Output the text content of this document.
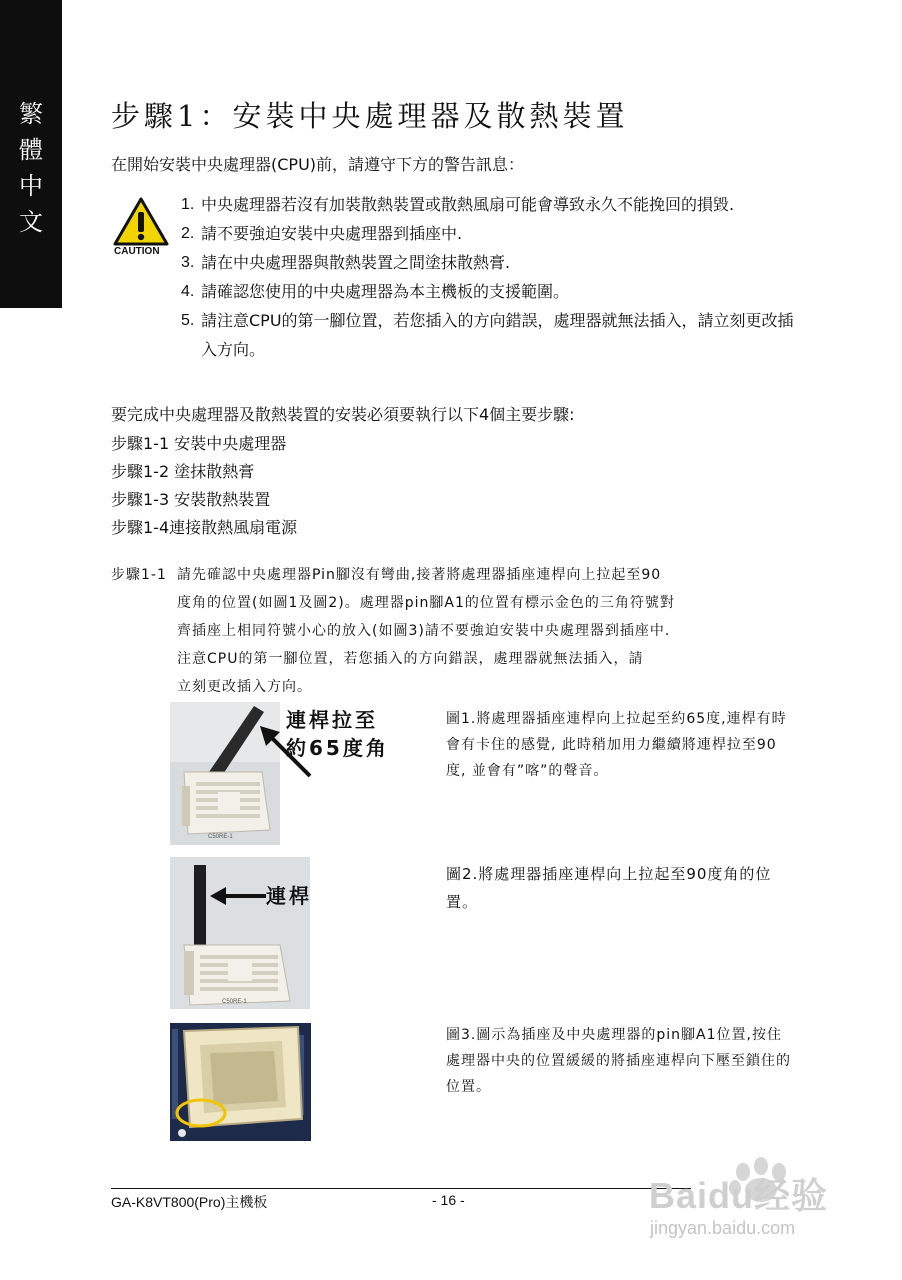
繁
體
中
文
步驟1：安裝中央處理器及散熱裝置
在開始安裝中央處理器(CPU)前，請遵守下方的警告訊息：
CAUTION
1. 中央處理器若沒有加裝散熱裝置或散熱風扇可能會導致永久不能挽回的損毀.
2. 請不要強迫安裝中央處理器到插座中.
3. 請在中央處理器與散熱裝置之間塗抹散熱膏.
4. 請確認您使用的中央處理器為本主機板的支援範圍。
5. 請注意CPU的第一腳位置，若您插入的方向錯誤，處理器就無法插入，請立刻更改插入方向。
要完成中央處理器及散熱裝置的安裝必須要執行以下4個主要步驟:
步驟1-1 安裝中央處理器
步驟1-2 塗抹散熱膏
步驟1-3 安裝散熱裝置
步驟1-4連接散熱風扇電源
步驟1-1 請先確認中央處理器Pin腳沒有彎曲,接著將處理器插座連桿向上拉起至90
度角的位置(如圖1及圖2)。處理器pin腳A1的位置有標示金色的三角符號對
齊插座上相同符號小心的放入(如圖3)請不要強迫安裝中央處理器到插座中.
注意CPU的第一腳位置，若您插入的方向錯誤，處理器就無法插入，請
立刻更改插入方向。
C50RE-1
連桿拉至
約65度角
圖1.將處理器插座連桿向上拉起至約65度,連桿有時會有卡住的感覺, 此時稍加用力繼續將連桿拉至90度, 並會有”喀”的聲音。
C50RE-1
連桿
圖2.將處理器插座連桿向上拉起至90度角的位置。
圖3.圖示為插座及中央處理器的pin腳A1位置,按住處理器中央的位置緩緩的將插座連桿向下壓至鎖住的位置。
GA-K8VT800(Pro)主機板	- 16 -	Baidu经验
jingyan.baidu.com
